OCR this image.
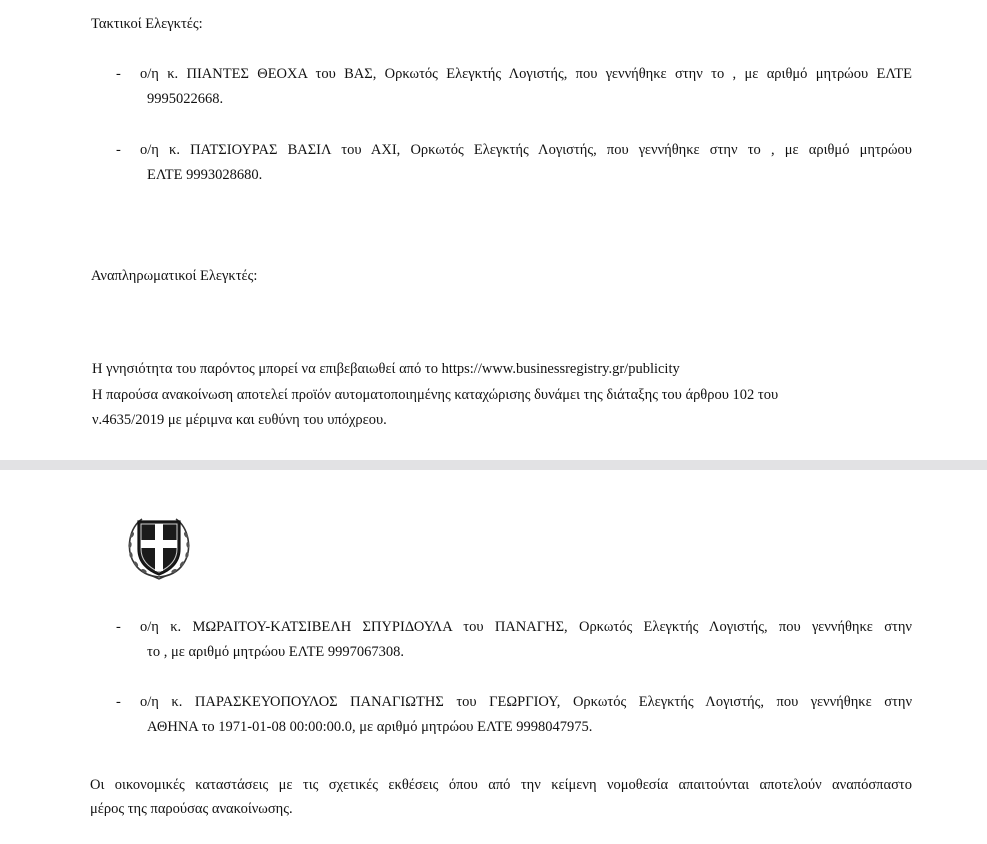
Τακτικοί Ελεγκτές:
- ο/η κ. ΠΙΑΝΤΕΣ ΘΕΟΧΑ του ΒΑΣ, Ορκωτός Ελεγκτής Λογιστής, που γεννήθηκε στην το , με αριθμό μητρώου ΕΛΤΕ
9995022668.
- ο/η κ. ΠΑΤΣΙΟΥΡΑΣ ΒΑΣΙΛ του ΑΧΙ, Ορκωτός Ελεγκτής Λογιστής, που γεννήθηκε στην το , με αριθμό μητρώου
ΕΛΤΕ 9993028680.
Αναπληρωματικοί Ελεγκτές:
Η γνησιότητα του παρόντος μπορεί να επιβεβαιωθεί από το https://www.businessregistry.gr/publicity
Η παρούσα ανακοίνωση αποτελεί προϊόν αυτοματοποιημένης καταχώρισης δυνάμει της διάταξης του άρθρου 102 του
ν.4635/2019 με μέριμνα και ευθύνη του υπόχρεου.
- ο/η κ. ΜΩΡΑΙΤΟΥ-ΚΑΤΣΙΒΕΛΗ ΣΠΥΡΙΔΟΥΛΑ του ΠΑΝΑΓΗΣ, Ορκωτός Ελεγκτής Λογιστής, που γεννήθηκε στην
το , με αριθμό μητρώου ΕΛΤΕ 9997067308.
- ο/η κ. ΠΑΡΑΣΚΕΥΟΠΟΥΛΟΣ ΠΑΝΑΓΙΩΤΗΣ του ΓΕΩΡΓΙΟΥ, Ορκωτός Ελεγκτής Λογιστής, που γεννήθηκε στην
ΑΘΗΝΑ το 1971-01-08 00:00:00.0, με αριθμό μητρώου ΕΛΤΕ 9998047975.
Οι οικονομικές καταστάσεις με τις σχετικές εκθέσεις όπου από την κείμενη νομοθεσία απαιτούνται αποτελούν αναπόσπαστο
μέρος της παρούσας ανακοίνωσης.
